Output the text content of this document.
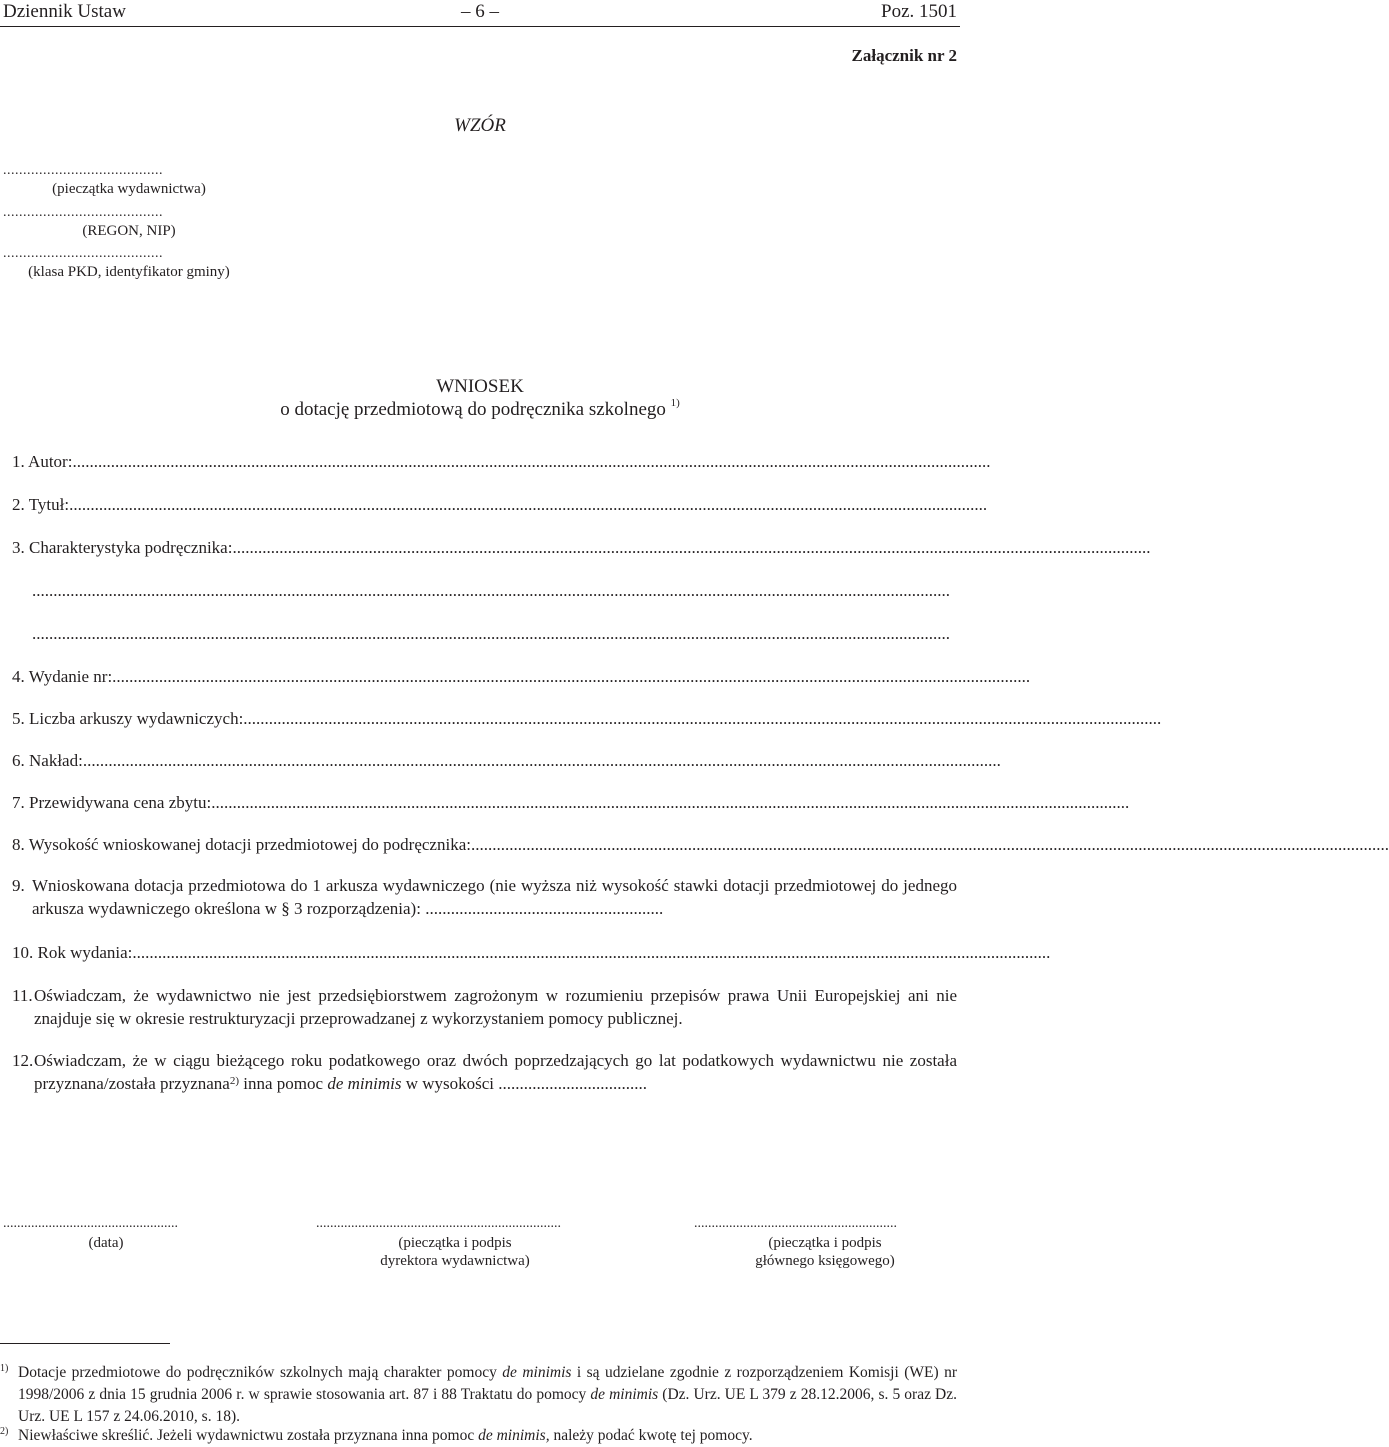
Dziennik Ustaw	– 6 –	Poz. 1501
Załącznik nr 2
WZÓR
........................................
(pieczątka wydawnictwa)
........................................
(REGON, NIP)
........................................
(klasa PKD, identyfikator gminy)
WNIOSEK
o dotację przedmiotową do podręcznika szkolnego $^{1)}$
1. Autor: ........................................................................................................................................................................................................................
2. Tytuł: ........................................................................................................................................................................................................................
3. Charakterystyka podręcznika: ........................................................................................................................................................................................................................
........................................................................................................................................................................................................................
........................................................................................................................................................................................................................
4. Wydanie nr: ........................................................................................................................................................................................................................
5. Liczba arkuszy wydawniczych: ........................................................................................................................................................................................................................
6. Nakład: ........................................................................................................................................................................................................................
7. Przewidywana cena zbytu: ........................................................................................................................................................................................................................
8. Wysokość wnioskowanej dotacji przedmiotowej do podręcznika: ........................................................................................................................................................................................................................
9. Wnioskowana dotacja przedmiotowa do 1 arkusza wydawniczego (nie wyższa niż wysokość stawki dotacji przedmiotowej do jednego arkusza wydawniczego określona w § 3 rozporządzenia): ........................................................
10. Rok wydania: ........................................................................................................................................................................................................................
11. Oświadczam, że wydawnictwo nie jest przedsiębiorstwem zagrożonym w rozumieniu przepisów prawa Unii Europejskiej ani nie znajduje się w okresie restrukturyzacji przeprowadzanej z wykorzystaniem pomocy publicznej.
12. Oświadczam, że w ciągu bieżącego roku podatkowego oraz dwóch poprzedzających go lat podatkowych wydawnictwu nie została przyznana/została przyznana$^{2)}$ inna pomoc de minimis w wysokości ...................................
..................................................
(data)
......................................................................
(pieczątka i podpis
dyrektora wydawnictwa)
..........................................................
(pieczątka i podpis
głównego księgowego)
1) Dotacje przedmiotowe do podręczników szkolnych mają charakter pomocy de minimis i są udzielane zgodnie z rozporządzeniem Komisji (WE) nr 1998/2006 z dnia 15 grudnia 2006 r. w sprawie stosowania art. 87 i 88 Traktatu do pomocy de minimis (Dz. Urz. UE L 379 z 28.12.2006, s. 5 oraz Dz. Urz. UE L 157 z 24.06.2010, s. 18).
2) Niewłaściwe skreślić. Jeżeli wydawnictwu została przyznana inna pomoc de minimis, należy podać kwotę tej pomocy.
